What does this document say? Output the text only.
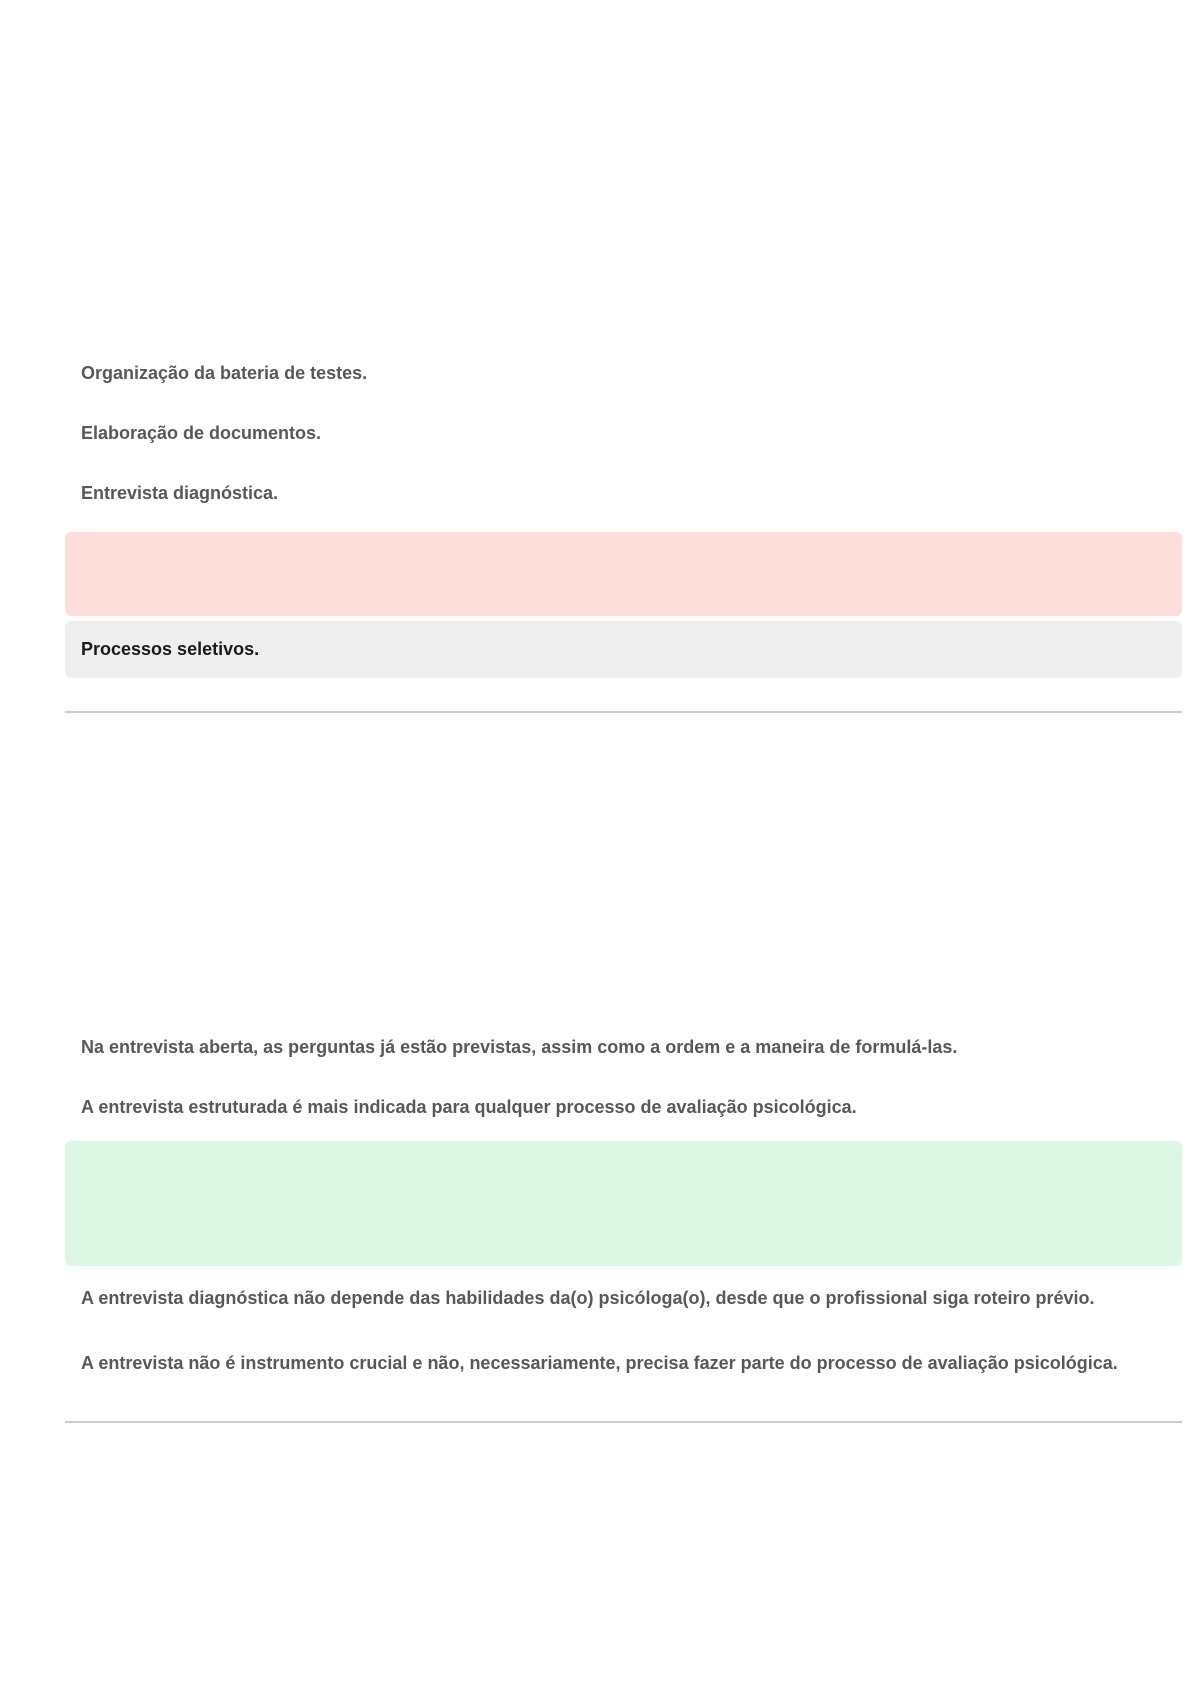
Organização da bateria de testes.
Elaboração de documentos.
Entrevista diagnóstica.
Processos seletivos.
Na entrevista aberta, as perguntas já estão previstas, assim como a ordem e a maneira de formulá-las.
A entrevista estruturada é mais indicada para qualquer processo de avaliação psicológica.
A entrevista diagnóstica não depende das habilidades da(o) psicóloga(o), desde que o profissional siga roteiro prévio.
A entrevista não é instrumento crucial e não, necessariamente, precisa fazer parte do processo de avaliação psicológica.
